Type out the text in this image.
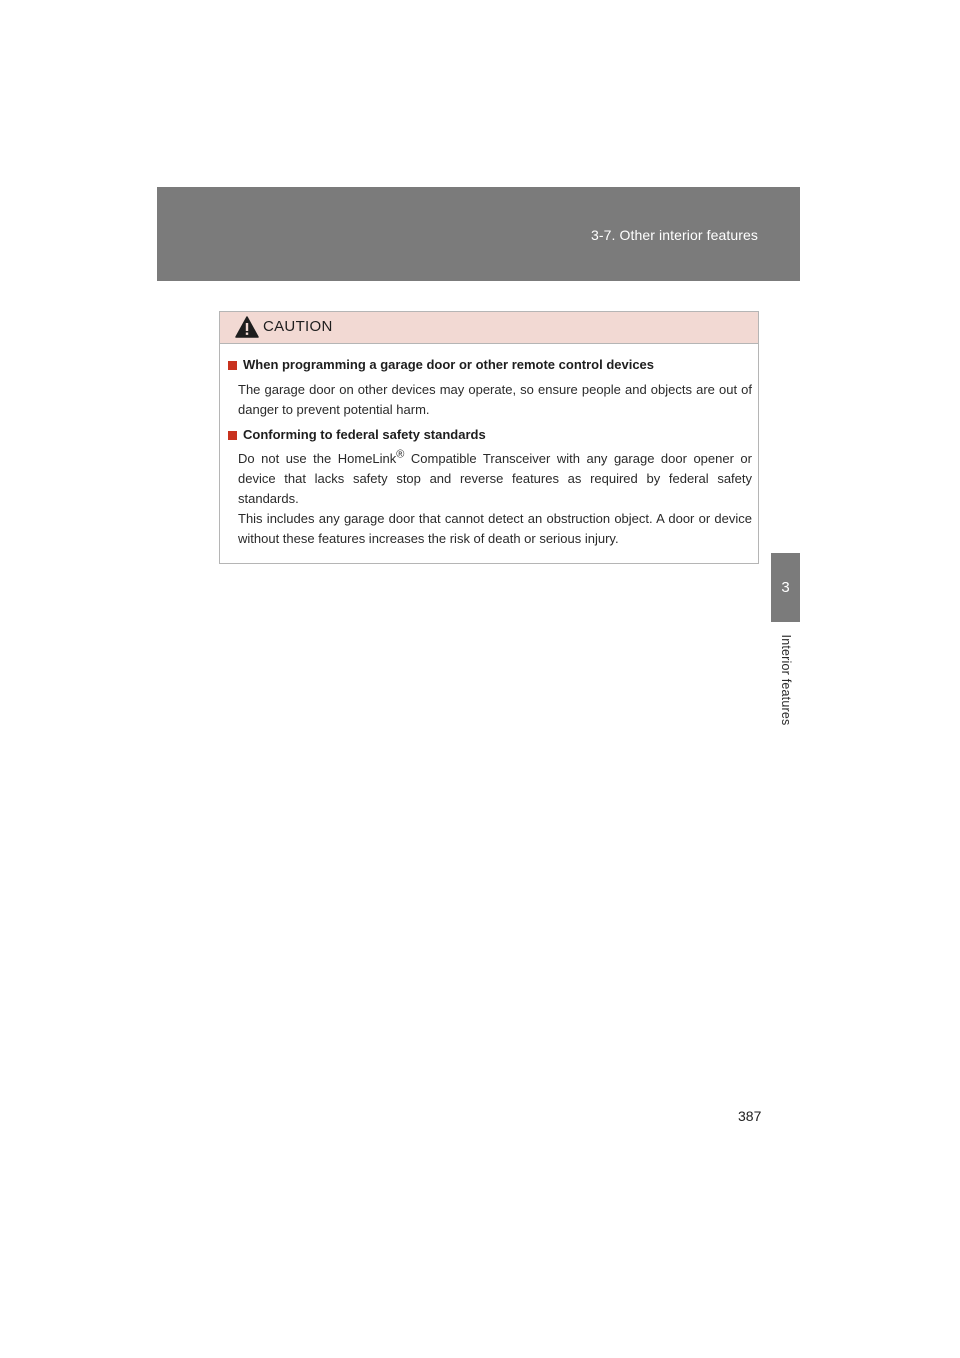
3-7. Other interior features
3
Interior features
CAUTION
When programming a garage door or other remote control devices

The garage door on other devices may operate, so ensure people and objects are out of danger to prevent potential harm.

Conforming to federal safety standards

Do not use the HomeLink® Compatible Transceiver with any garage door opener or device that lacks safety stop and reverse features as required by federal safety standards.

This includes any garage door that cannot detect an obstruction object. A door or device without these features increases the risk of death or serious injury.

387
